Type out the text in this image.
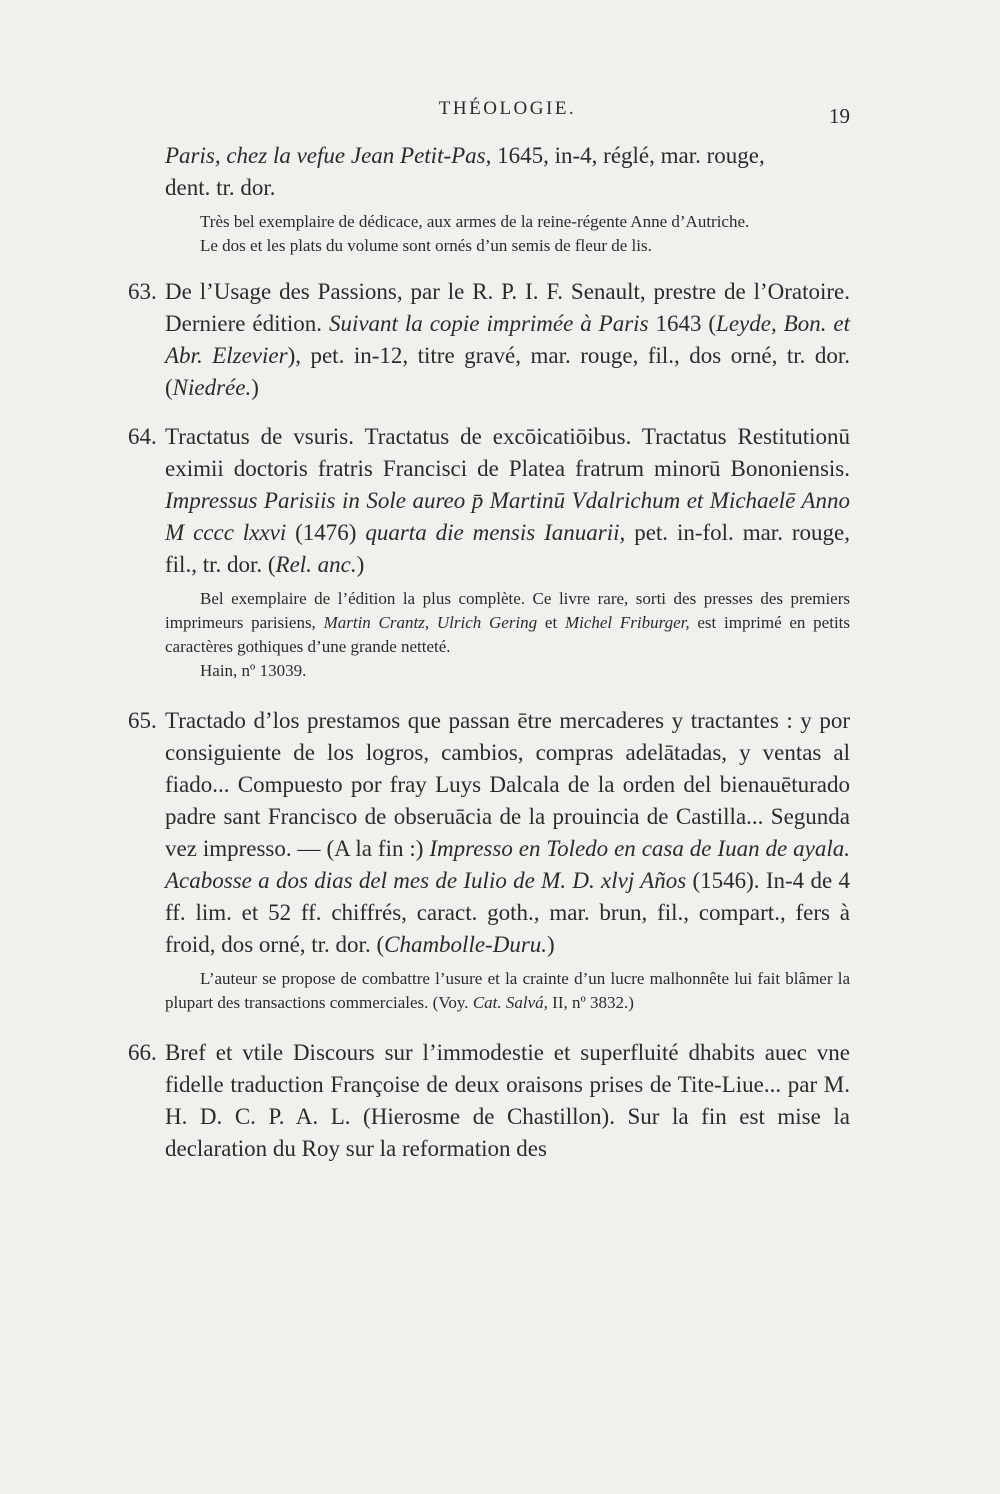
THÉOLOGIE.	19

Paris, chez la vefue Jean Petit-Pas, 1645, in-4, réglé, mar. rouge,

dent. tr. dor.

Très bel exemplaire de dédicace, aux armes de la reine-régente Anne d’Autriche.

Le dos et les plats du volume sont ornés d’un semis de fleur de lis.

63. De l’Usage des Passions, par le R. P. I. F. Senault, prestre de l’Oratoire. Derniere édition. Suivant la copie imprimée à Paris 1643 (Leyde, Bon. et Abr. Elzevier), pet. in-12, titre gravé, mar. rouge, fil., dos orné, tr. dor. (Niedrée.)

64. Tractatus de vsuris. Tractatus de excōicatiōibus. Tractatus Restitutionū eximii doctoris fratris Francisci de Platea fratrum minorū Bononiensis. Impressus Parisiis in Sole aureo p̄ Martinū Vdalrichum et Michaelē Anno M cccc lxxvi (1476) quarta die mensis Ianuarii, pet. in-fol. mar. rouge, fil., tr. dor. (Rel. anc.)

Bel exemplaire de l’édition la plus complète. Ce livre rare, sorti des presses des premiers imprimeurs parisiens, Martin Crantz, Ulrich Gering et Michel Friburger, est imprimé en petits caractères gothiques d’une grande netteté.

Hain, nº 13039.

65. Tractado d’los prestamos que passan ētre mercaderes y tractantes : y por consiguiente de los logros, cambios, compras adelātadas, y ventas al fiado... Compuesto por fray Luys Dalcala de la orden del bienauēturado padre sant Francisco de obseruācia de la prouincia de Castilla... Segunda vez impresso. — (A la fin :) Impresso en Toledo en casa de Iuan de ayala. Acabosse a dos dias del mes de Iulio de M. D. xlvj Años (1546). In-4 de 4 ff. lim. et 52 ff. chiffrés, caract. goth., mar. brun, fil., compart., fers à froid, dos orné, tr. dor. (Chambolle-Duru.)

L’auteur se propose de combattre l’usure et la crainte d’un lucre malhonnête lui fait blâmer la plupart des transactions commerciales. (Voy. Cat. Salvá, II, nº 3832.)

66. Bref et vtile Discours sur l’immodestie et superfluité dhabits auec vne fidelle traduction Françoise de deux oraisons prises de Tite-Liue... par M. H. D. C. P. A. L. (Hierosme de Chastillon). Sur la fin est mise la declaration du Roy sur la reformation des
